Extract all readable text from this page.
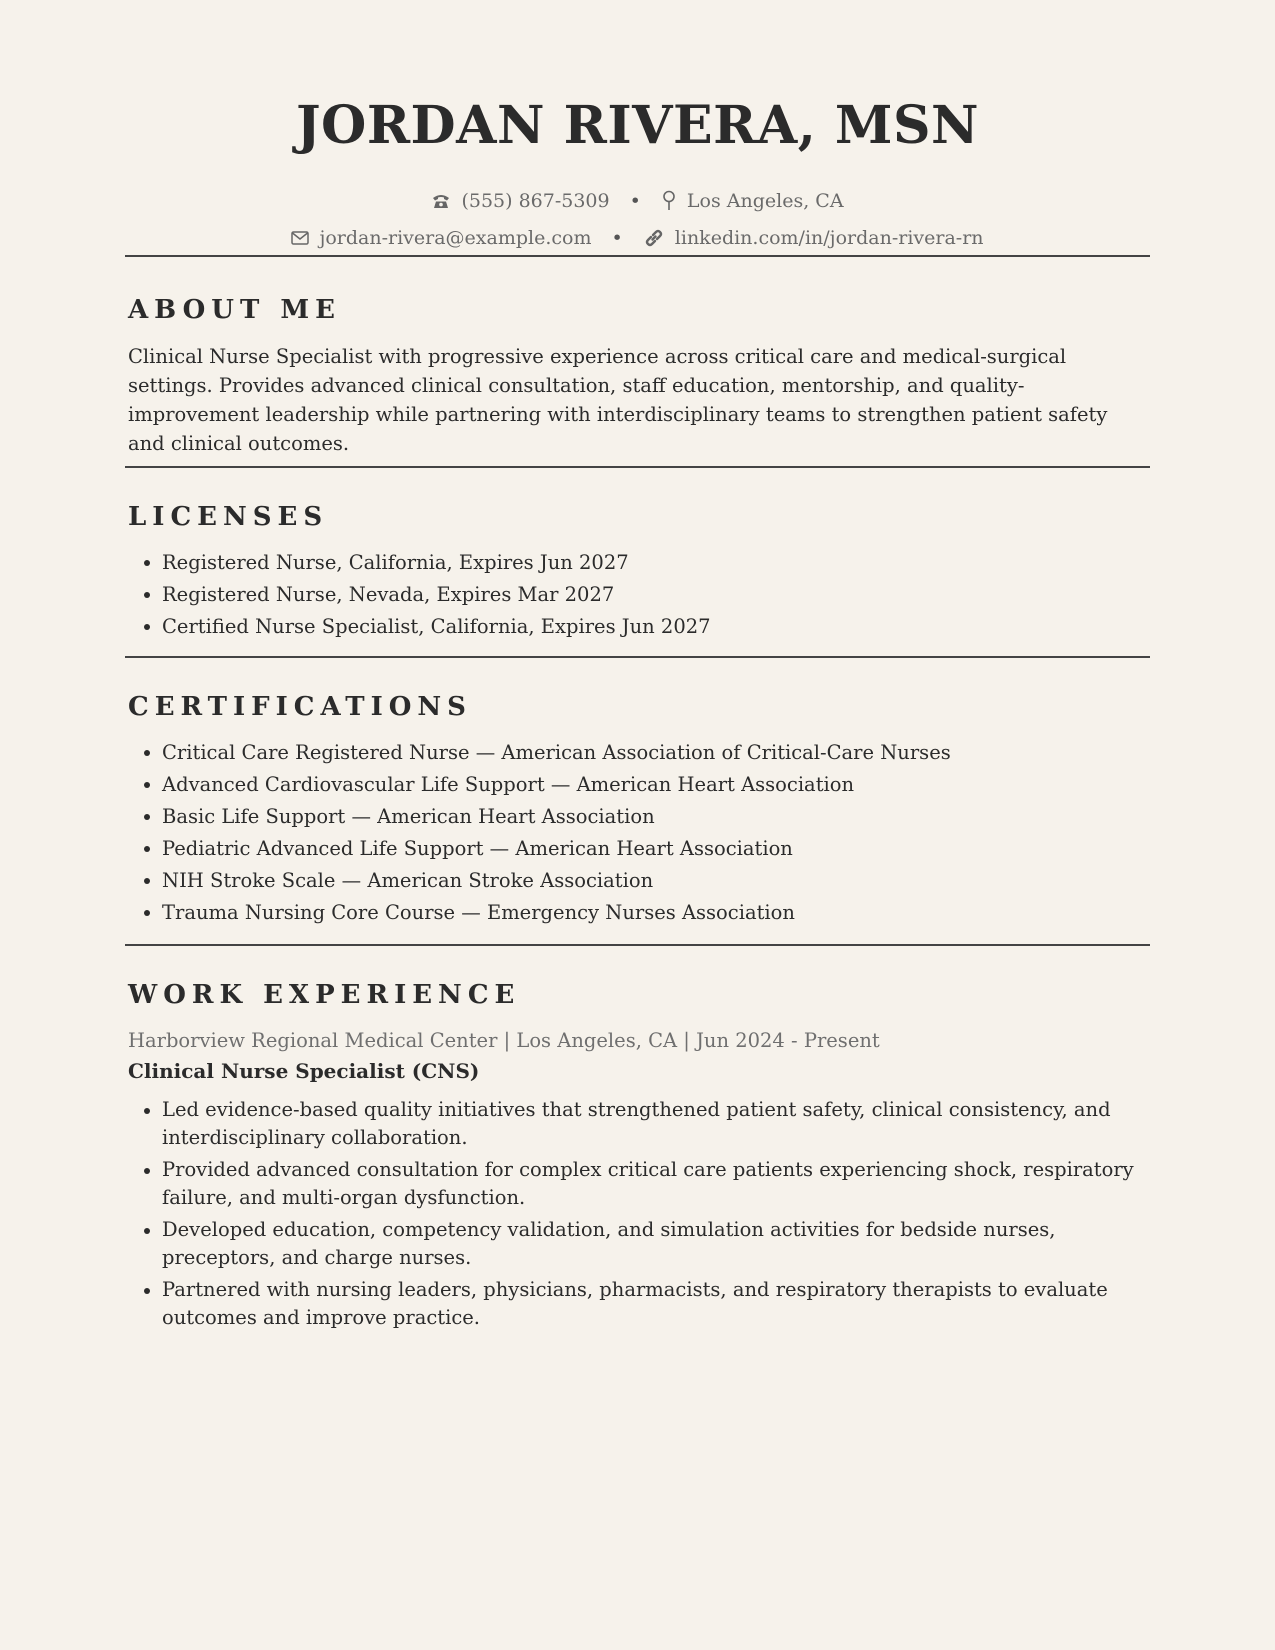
JORDAN RIVERA, MSN
(555) 867-5309 • Los Angeles, CA
jordan-rivera@example.com •	linkedin.com/in/jordan-rivera-rn
ABOUT ME

Clinical Nurse Specialist with progressive experience across critical care and medical-surgical settings. Provides advanced clinical consultation, staff education, mentorship, and quality-improvement leadership while partnering with interdisciplinary teams to strengthen patient safety and clinical outcomes.

LICENSES
Registered Nurse, California, Expires Jun 2027
Registered Nurse, Nevada, Expires Mar 2027
Certified Nurse Specialist, California, Expires Jun 2027
CERTIFICATIONS
Critical Care Registered Nurse — American Association of Critical-Care Nurses
Advanced Cardiovascular Life Support — American Heart Association
Basic Life Support — American Heart Association
Pediatric Advanced Life Support — American Heart Association
NIH Stroke Scale — American Stroke Association
Trauma Nursing Core Course — Emergency Nurses Association
WORK EXPERIENCE
Harborview Regional Medical Center | Los Angeles, CA | Jun 2024 - Present
Clinical Nurse Specialist (CNS)
Led evidence-based quality initiatives that strengthened patient safety, clinical consistency, and interdisciplinary collaboration.
Provided advanced consultation for complex critical care patients experiencing shock, respiratory failure, and multi-organ dysfunction.
Developed education, competency validation, and simulation activities for bedside nurses, preceptors, and charge nurses.
Partnered with nursing leaders, physicians, pharmacists, and respiratory therapists to evaluate outcomes and improve practice.
